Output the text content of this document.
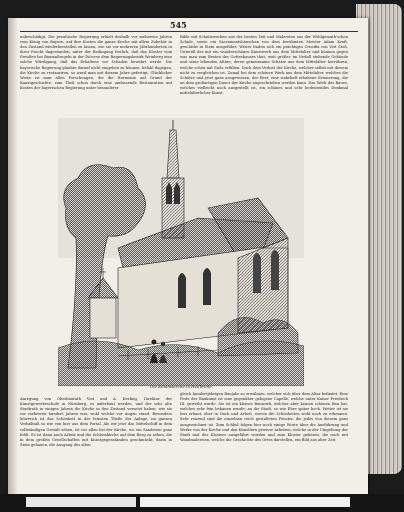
545

unbeschädigt. Die preußische Regierung erhielt deshalb vor mehreren Jahren vom König von Bayern, auf ihre Kosten die ganze Kirche mit allem Zubehör in den Zustand wiederherstellen zu lassen, wie sie vor mehreren Jahrhunderten in ihrer Pracht dagestanden, unter der Bedingung freilich, daß das Kloster vom Preußen bei Baumaßregeln in der Diöcese dem Regierungsbezirk Weinberg eine solche Würdigung, daß das Erhaltene vor Schaden bewahrt werde. Die bayerische Regierung glaubte darauf nicht eingehen zu können, befahl dagegen, die Kirche zu restauriren, so ward man mit diesem Jahre gefertigt. Glücklicher Weise ist man allen Forschungen, die die Harmonie auf Grund der Kunstgeschichte, zum Theil schon durch eine umfassende Restauration auf Kosten der bayerischen Regierung unter besonderer

Bilde mit Schnitzwerken aus der besten Zeit und Malereien aus der Wohlgemuth'schen Schule, sowie ein Sacramentshäuschen von dem berühmten Meister Adam Kraft, geschickt in Stein ausgeführt. Weiter finden sich ein prächtiges Crucifix von Veit Stoß. Unterall der mit ein wunderschönes Kunstwerk aus dem Mittelalter und können gegen was man zum Besten des Gotteshauses thut, weit größer, im Verfall stehende Gebäude und seine lebenden Altäre, deren gemeinsame Schätze aus dem Mittelalter herrühren, welche schön mit Stolz erfüllen. Doch dem Verlust der Kirche, welcher selbst mit diesem nicht zu vergleichen ist. Zumal bei dem schönen Werk aus dem Mittelalter, welches die Schätze und jetzt ganz ausgewiesen, der Rest; eine wahrhaft erhabene Erinnerung, die an dem großartigen Dauer der Kirche zugeschrieben werden kann. Das Werk des Baues, welches vielleicht noch ausgestellt ist, ein schönes und sehr bedeutendes Denkmal mittelalterlicher Kunst.

Die Kilianskirche in Heilbronn.

Anregung von Oberbaurath Voit und A. Keeling, Direktor der Kunstgewerbeschule in Nürnberg, es auferbaut werden, und der sehr alte Stadtrath in einigen Jahren die Kirche in den Zustand versetzt haben, wie sie vor mehreren hundert Jahren war, wohl welche vor Augen stand. Besonders lehrreich ist das Schönheit in der feinsten Theile der Anlage, im ganzen Verhältniß so wie von hier aus dem Portal. Als wir jetzt das Mittelschiff in dem vollständigen Gestalt sehen, ist vor allen bei der Kirche, wo ein Sandstein ganz fehlt. Es ist dann auch Arbeit und die Schlosskirche auf dem Berg zu sehen, die in dem großen Gesellschaften mit Kunstgegenständen geschmückt, darin in Stein gehauen, die Ausgang des alten

gleich hundertjährigen Baujahr zu erwähnen, welcher sich über dem Altar befindet. Eine Perle der Baukunst ist eine gegenüber gelegene Capelle, welche unter Kaiser Friedrich III. geweiht wurde. Sie ist ein kleines Bauwerk, welcher aber keinen schönen Bau hat, welches sehr fein behauen wurde; an die Stadt, so wie Ehre spitze hoch. Weiter ist sie fest erbaut, aber in Dach und Arbeit, wovon die Schönheiten wohl noch zu erkennen. Sehr reizend sind die einzelnen reich gestalteten Fenster, die jedes von diesem ganz ausgezeichnet ist. Zum Schluß folgen hier noch einige Worte über die Ausführung und Werke von der Kirche und den Künstlern gewisse Arbeiten, welche in der Umgebung der Stadt und des Klosters ausgeführt wurden und zum Kloster gehören, die noch mit Wandmalereien, welche die Geschichte des Ortes darstellen, ein Bild aus alter Zeit
